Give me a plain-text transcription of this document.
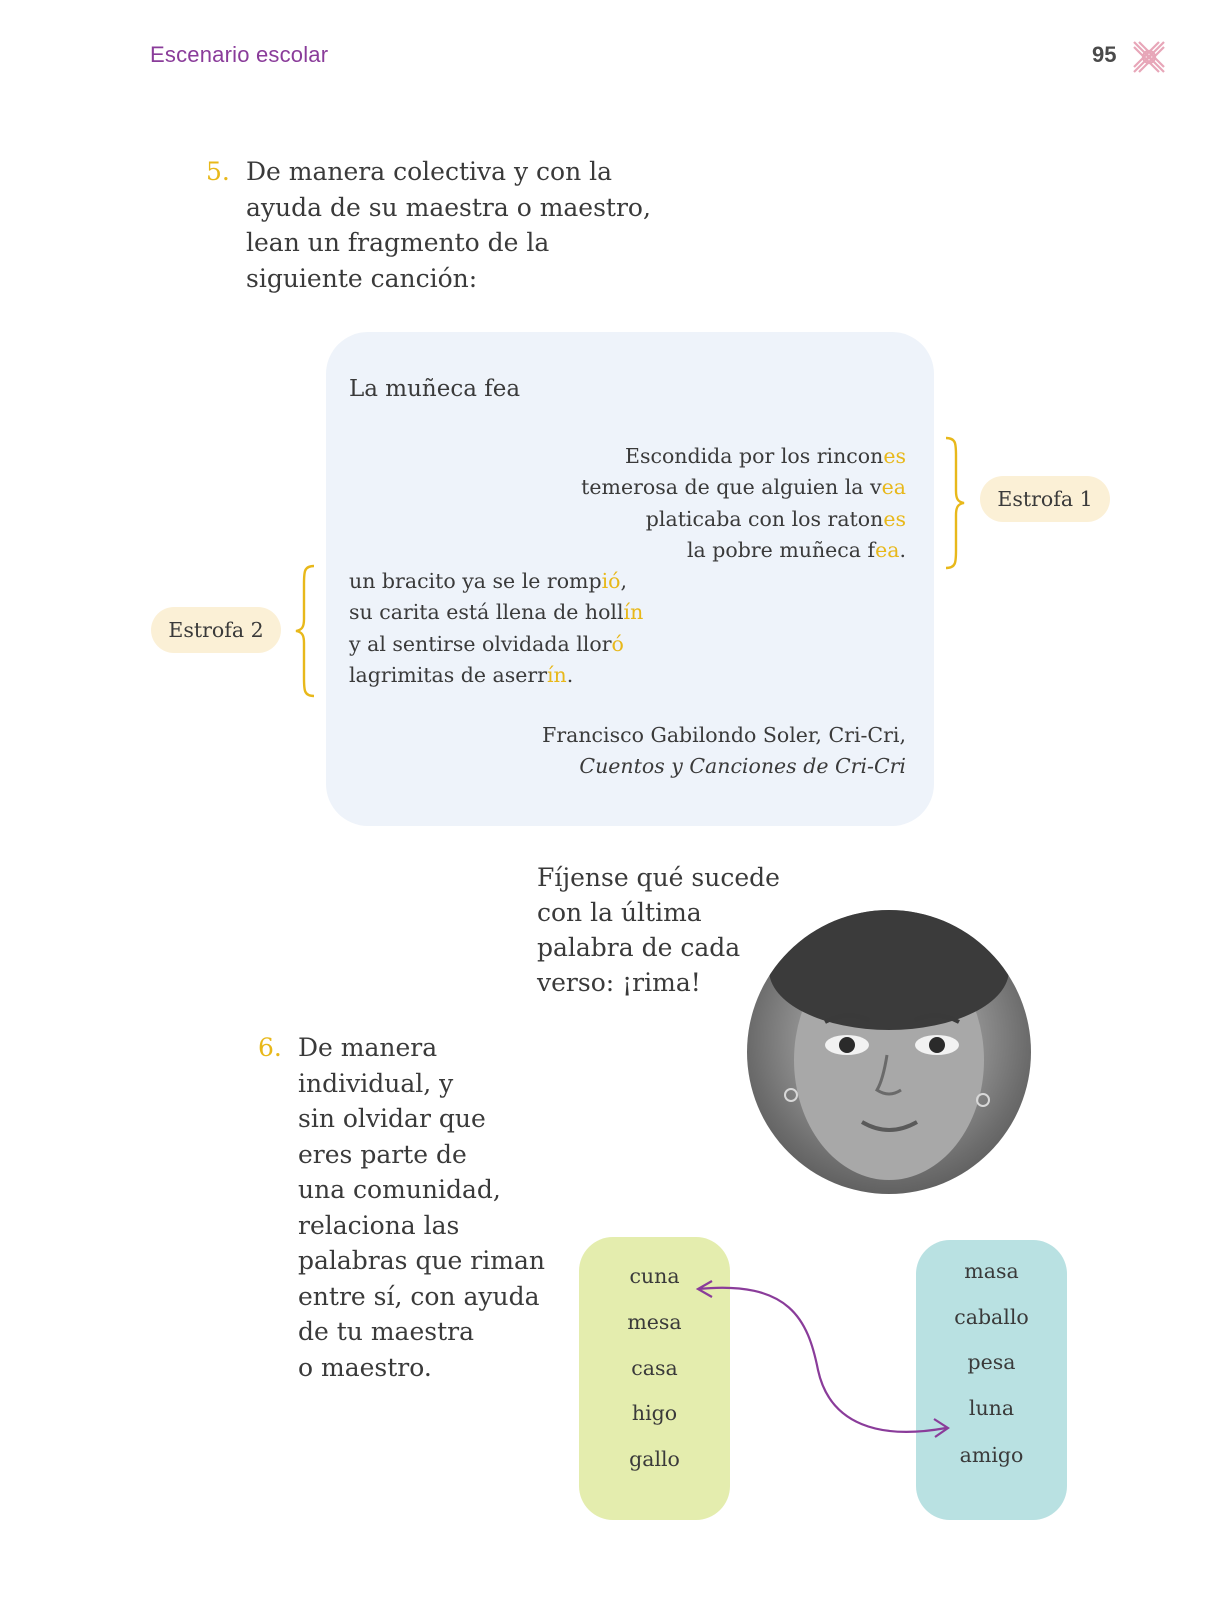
Escenario escolar	95
5. De manera colectiva y con la

ayuda de su maestra o maestro,

lean un fragmento de la

siguiente canción:

La muñeca fea
Escondida por los rincones
temerosa de que alguien la vea
platicaba con los ratones
la pobre muñeca fea.
un bracito ya se le rompió,
su carita está llena de hollín
y al sentirse olvidada lloró
lagrimitas de aserrín.
Francisco Gabilondo Soler, Cri-Cri,
Cuentos y Canciones de Cri-Cri
Estrofa 1
Estrofa 2

Fíjense qué sucede

con la última

palabra de cada

verso: ¡rima!

6. De manera

individual, y

sin olvidar que

eres parte de

una comunidad,

relaciona las

palabras que riman

entre sí, con ayuda

de tu maestra

o maestro.

cuna
mesa
casa
higo
gallo
masa
caballo
pesa
luna
amigo
